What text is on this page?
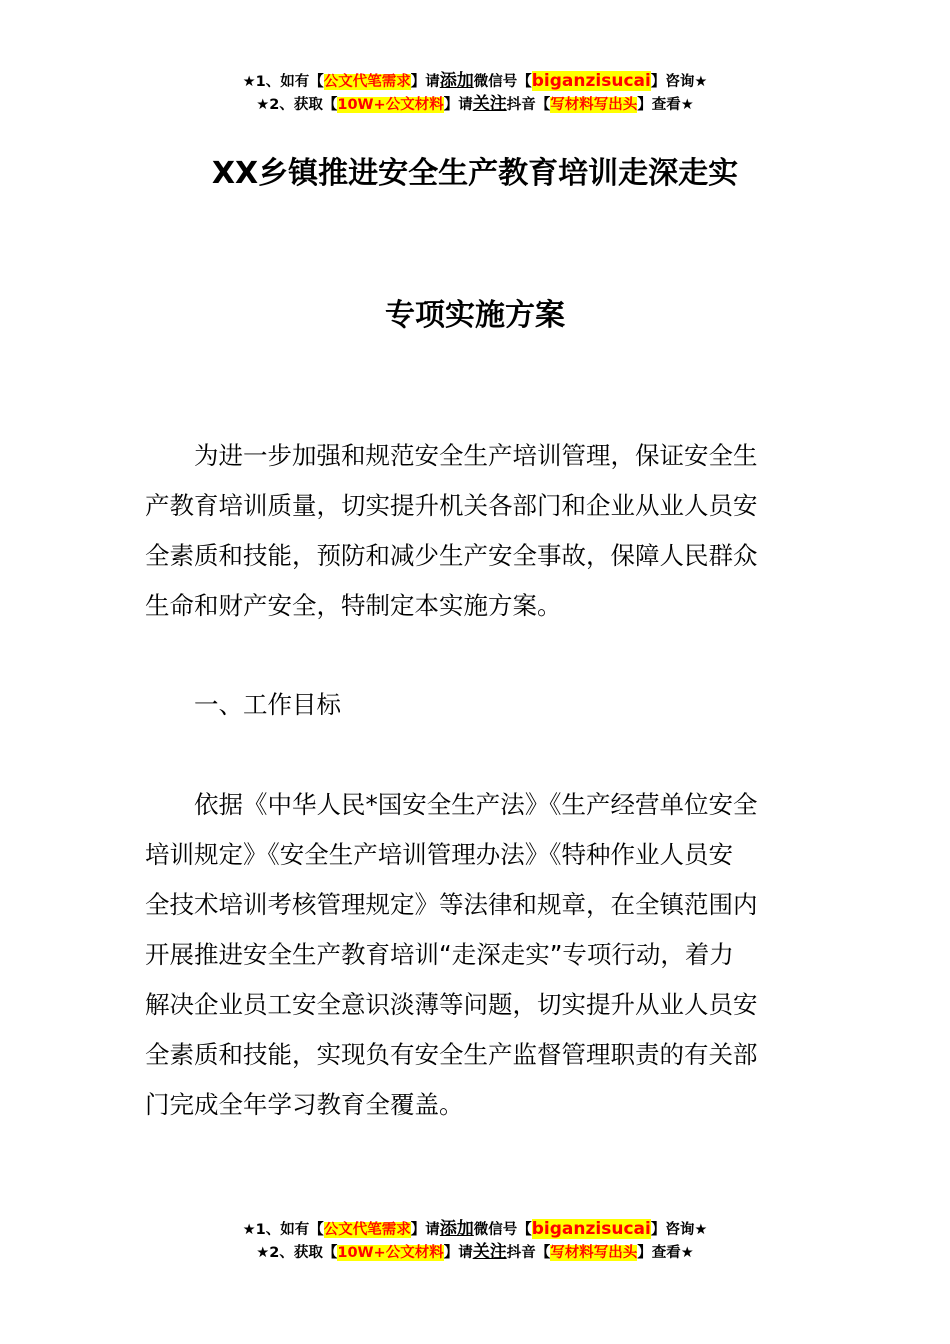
★1、如有【公文代笔需求】请添加微信号【biganzisucai】咨询★
★2、获取【10W+公文材料】请关注抖音【写材料写出头】查看★
XX乡镇推进安全生产教育培训走深走实
专项实施方案
为进一步加强和规范安全生产培训管理，保证安全生
产教育培训质量，切实提升机关各部门和企业从业人员安
全素质和技能，预防和减少生产安全事故，保障人民群众
生命和财产安全，特制定本实施方案。
一、工作目标
依据《中华人民*国安全生产法》《生产经营单位安全
培训规定》《安全生产培训管理办法》《特种作业人员安
全技术培训考核管理规定》等法律和规章，在全镇范围内
开展推进安全生产教育培训“走深走实”专项行动，着力
解决企业员工安全意识淡薄等问题，切实提升从业人员安
全素质和技能，实现负有安全生产监督管理职责的有关部
门完成全年学习教育全覆盖。
★1、如有【公文代笔需求】请添加微信号【biganzisucai】咨询★
★2、获取【10W+公文材料】请关注抖音【写材料写出头】查看★
